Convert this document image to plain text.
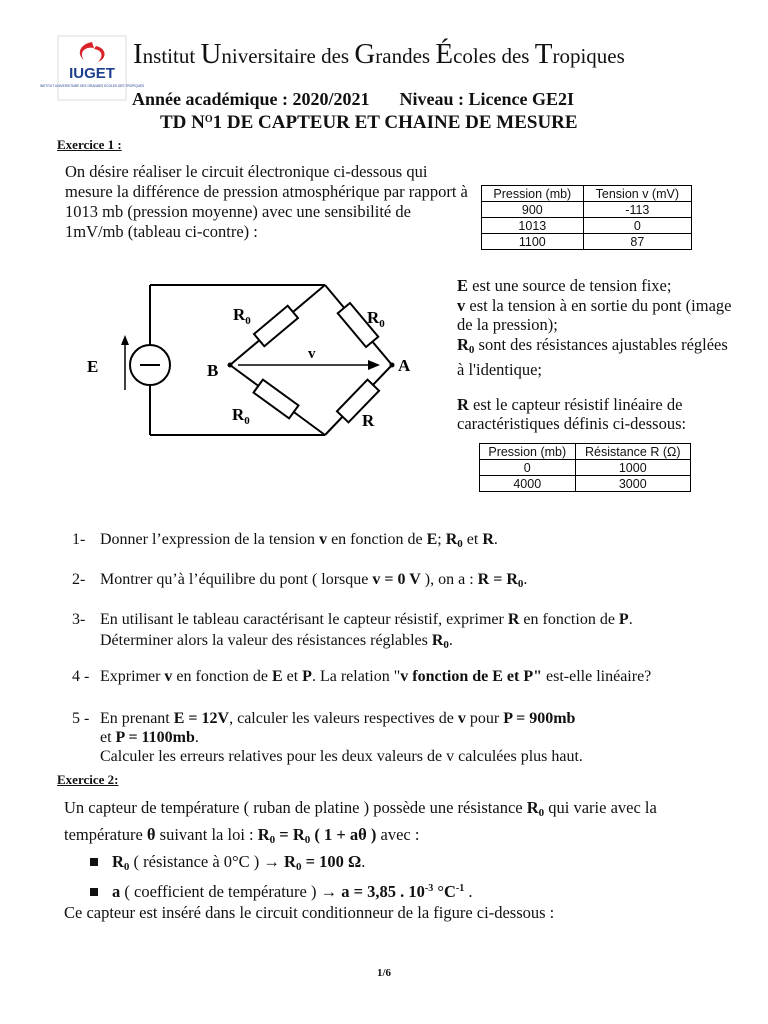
IUGET
INSTITUT UNIVERSITAIRE DES GRANDES ECOLES DES TROPIQUES
Institut Universitaire des Grandes Écoles des Tropiques
Année académique : 2020/2021 Niveau : Licence GE2I
TD $N^O1$ DE CAPTEUR ET CHAINE DE MESURE
Exercice 1 :
On désire réaliser le circuit électronique ci-dessous qui mesure la différence de pression atmosphérique par rapport à 1013 mb (pression moyenne) avec une sensibilité de 1mV/mb (tableau ci-contre) :
Pression (mb)	Tension v (mV)
900	-113
1013	0
1100	87
E	B	A
v
$R_0$	$R_0$
$R_0$	R
E est une source de tension fixe;
v est la tension à en sortie du pont (image de la pression);
R0 sont des résistances ajustables réglées à l'identique;
R est le capteur résistif linéaire de caractéristiques définis ci-dessous:
Pression (mb)	Résistance R (Ω)
0	1000
4000	3000
1- Donner l’expression de la tension v en fonction de E; R0 et R.
2- Montrer qu’à l’équilibre du pont ( lorsque v = 0 V ), on a : R = R0.
3- En utilisant le tableau caractérisant le capteur résistif, exprimer R en fonction de P.
Déterminer alors la valeur des résistances réglables R0.
4 - Exprimer v en fonction de E et P. La relation "v fonction de E et P" est-elle linéaire?
5 - En prenant E = 12V, calculer les valeurs respectives de v pour P = 900mb
et P = 1100mb.
Calculer les erreurs relatives pour les deux valeurs de v calculées plus haut.
Exercice 2:
Un capteur de température ( ruban de platine ) possède une résistance R0 qui varie avec la
température θ suivant la loi : R0 = R0 ( 1 + aθ ) avec :
R0 ( résistance à 0°C ) → R0 = 100 Ω.
a ( coefficient de température ) → a = 3,85 . $10^{-3}$ $^\circ C^{-1}$ .
Ce capteur est inséré dans le circuit conditionneur de la figure ci-dessous :
1/6
